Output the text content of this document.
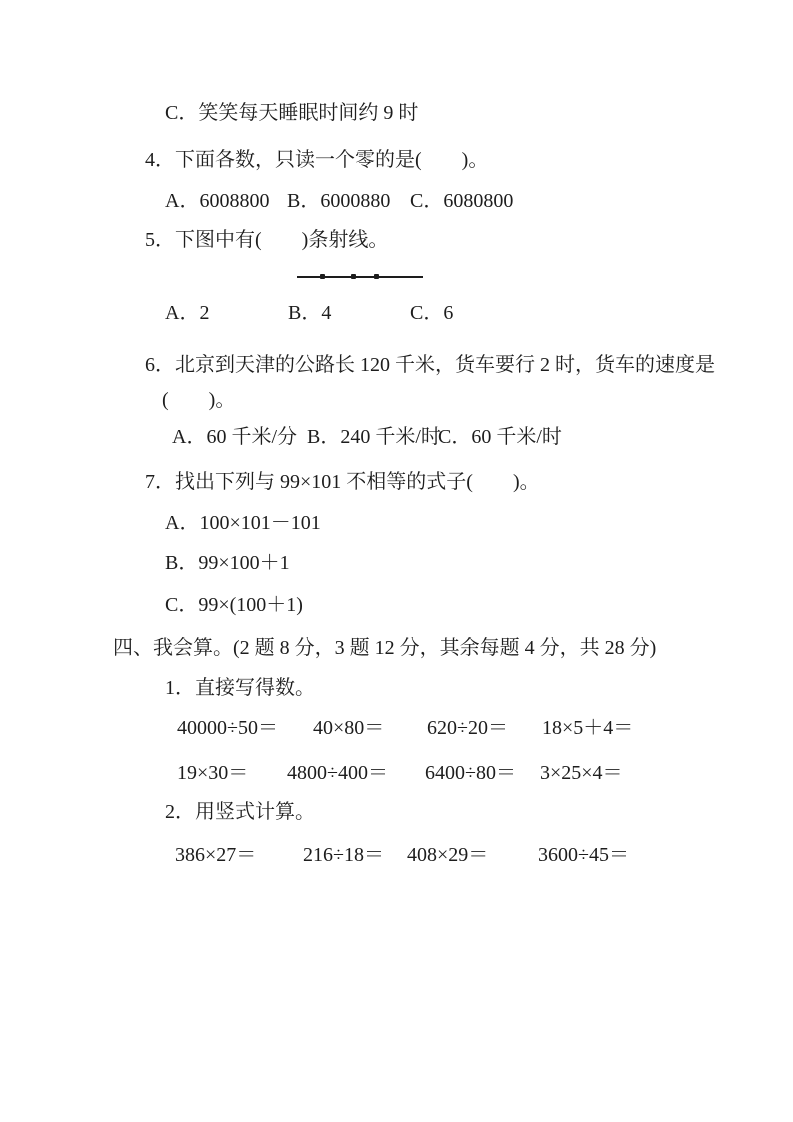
C．笑笑每天睡眠时间约 9 时
4．下面各数，只读一个零的是(        )。
A．6008800 B．6000880 C．6080800
5．下图中有(        )条射线。
A．2	B．4	C．6
6．北京到天津的公路长 120 千米，货车要行 2 时，货车的速度是
(        )。
A．60 千米/分 B．240 千米/时
C．60 千米/时
7．找出下列与 99×101 不相等的式子(        )。
A．100×101－101
B．99×100＋1
C．99×(100＋1)
四、我会算。(2 题 8 分，3 题 12 分，其余每题 4 分，共 28 分)
1．直接写得数。
40000÷50＝ 40×80＝ 620÷20＝ 18×5＋4＝
19×30＝ 4800÷400＝ 6400÷80＝ 3×25×4＝
2．用竖式计算。
386×27＝ 216÷18＝ 408×29＝ 3600÷45＝
